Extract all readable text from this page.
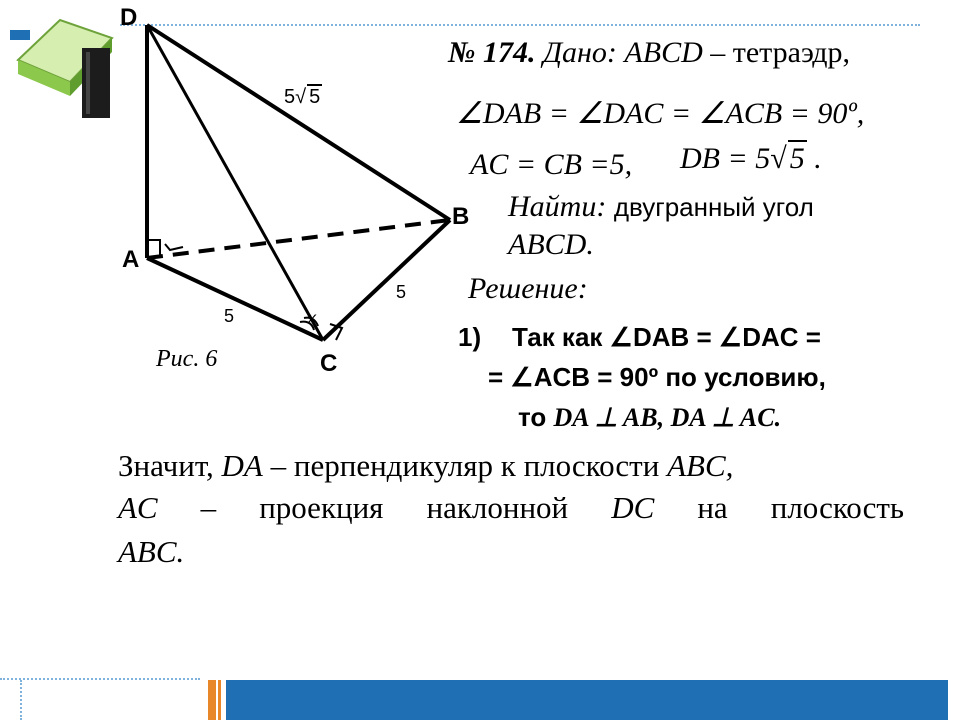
D
A
B
C
5√ 5
5
5
x
Рис. 6
№ 174. Дано: ABCD – тетраэдр,
∠DAB = ∠DAC = ∠ACB = 90º,
AC = CB =5, DB = 5√ 5 .
Найти: двугранный угол
ABCD.
Решение:
1) Так как ∠DAB = ∠DAC =
= ∠ACB = 90º по условию,
то DA ⊥ AB, DA ⊥ AC.
Значит, DA – перпендикуляр к плоскости ABC,
AC – проекция наклонной DC на плоскость
ABC.
